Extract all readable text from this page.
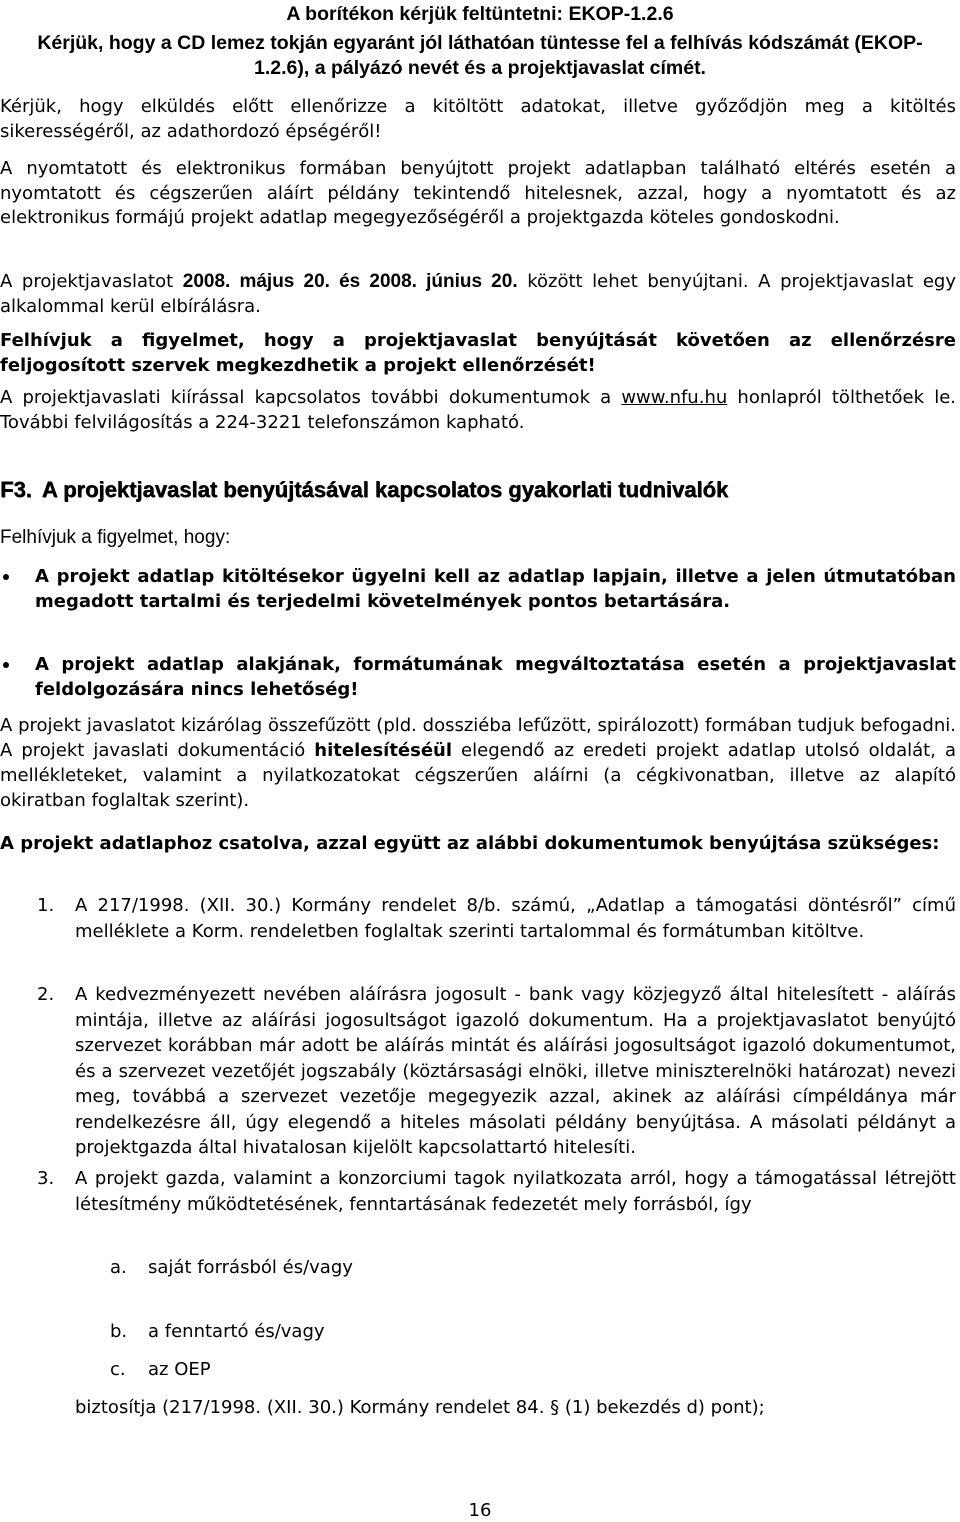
A borítékon kérjük feltüntetni: EKOP-1.2.6

Kérjük, hogy a CD lemez tokján egyaránt jól láthatóan tüntesse fel a felhívás kódszámát (EKOP-1.2.6), a pályázó nevét és a projektjavaslat címét.

Kérjük, hogy elküldés előtt ellenőrizze a kitöltött adatokat, illetve győződjön meg a kitöltés sikerességéről, az adathordozó épségéről!

A nyomtatott és elektronikus formában benyújtott projekt adatlapban található eltérés esetén a nyomtatott és cégszerűen aláírt példány tekintendő hitelesnek, azzal, hogy a nyomtatott és az elektronikus formájú projekt adatlap megegyezőségéről a projektgazda köteles gondoskodni.

A projektjavaslatot 2008. május 20. és 2008. június 20. között lehet benyújtani. A projektjavaslat egy alkalommal kerül elbírálásra.

Felhívjuk a figyelmet, hogy a projektjavaslat benyújtását követően az ellenőrzésre feljogosított szervek megkezdhetik a projekt ellenőrzését!

A projektjavaslati kiírással kapcsolatos további dokumentumok a www.nfu.hu honlapról tölthetőek le. További felvilágosítás a 224-3221 telefonszámon kapható.

F3. A projektjavaslat benyújtásával kapcsolatos gyakorlati tudnivalók

Felhívjuk a figyelmet, hogy:

A projekt adatlap kitöltésekor ügyelni kell az adatlap lapjain, illetve a jelen útmutatóban megadott tartalmi és terjedelmi követelmények pontos betartására.
A projekt adatlap alakjának, formátumának megváltoztatása esetén a projektjavaslat feldolgozására nincs lehetőség!

A projekt javaslatot kizárólag összefűzött (pld. dossziéba lefűzött, spirálozott) formában tudjuk befogadni. A projekt javaslati dokumentáció hitelesítéséül elegendő az eredeti projekt adatlap utolsó oldalát, a mellékleteket, valamint a nyilatkozatokat cégszerűen aláírni (a cégkivonatban, illetve az alapító okiratban foglaltak szerint).

A projekt adatlaphoz csatolva, azzal együtt az alábbi dokumentumok benyújtása szükséges:

1. A 217/1998. (XII. 30.) Kormány rendelet 8/b. számú, „Adatlap a támogatási döntésről” című melléklete a Korm. rendeletben foglaltak szerinti tartalommal és formátumban kitöltve.
2. A kedvezményezett nevében aláírásra jogosult - bank vagy közjegyző által hitelesített - aláírás mintája, illetve az aláírási jogosultságot igazoló dokumentum. Ha a projektjavaslatot benyújtó szervezet korábban már adott be aláírás mintát és aláírási jogosultságot igazoló dokumentumot, és a szervezet vezetőjét jogszabály (köztársasági elnöki, illetve miniszterelnöki határozat) nevezi meg, továbbá a szervezet vezetője megegyezik azzal, akinek az aláírási címpéldánya már rendelkezésre áll, úgy elegendő a hiteles másolati példány benyújtása. A másolati példányt a projektgazda által hivatalosan kijelölt kapcsolattartó hitelesíti.
3. A projekt gazda, valamint a konzorciumi tagok nyilatkozata arról, hogy a támogatással létrejött létesítmény működtetésének, fenntartásának fedezetét mely forrásból, így
a. saját forrásból és/vagy
b. a fenntartó és/vagy
c. az OEP

biztosítja (217/1998. (XII. 30.) Kormány rendelet 84. § (1) bekezdés d) pont);

16
